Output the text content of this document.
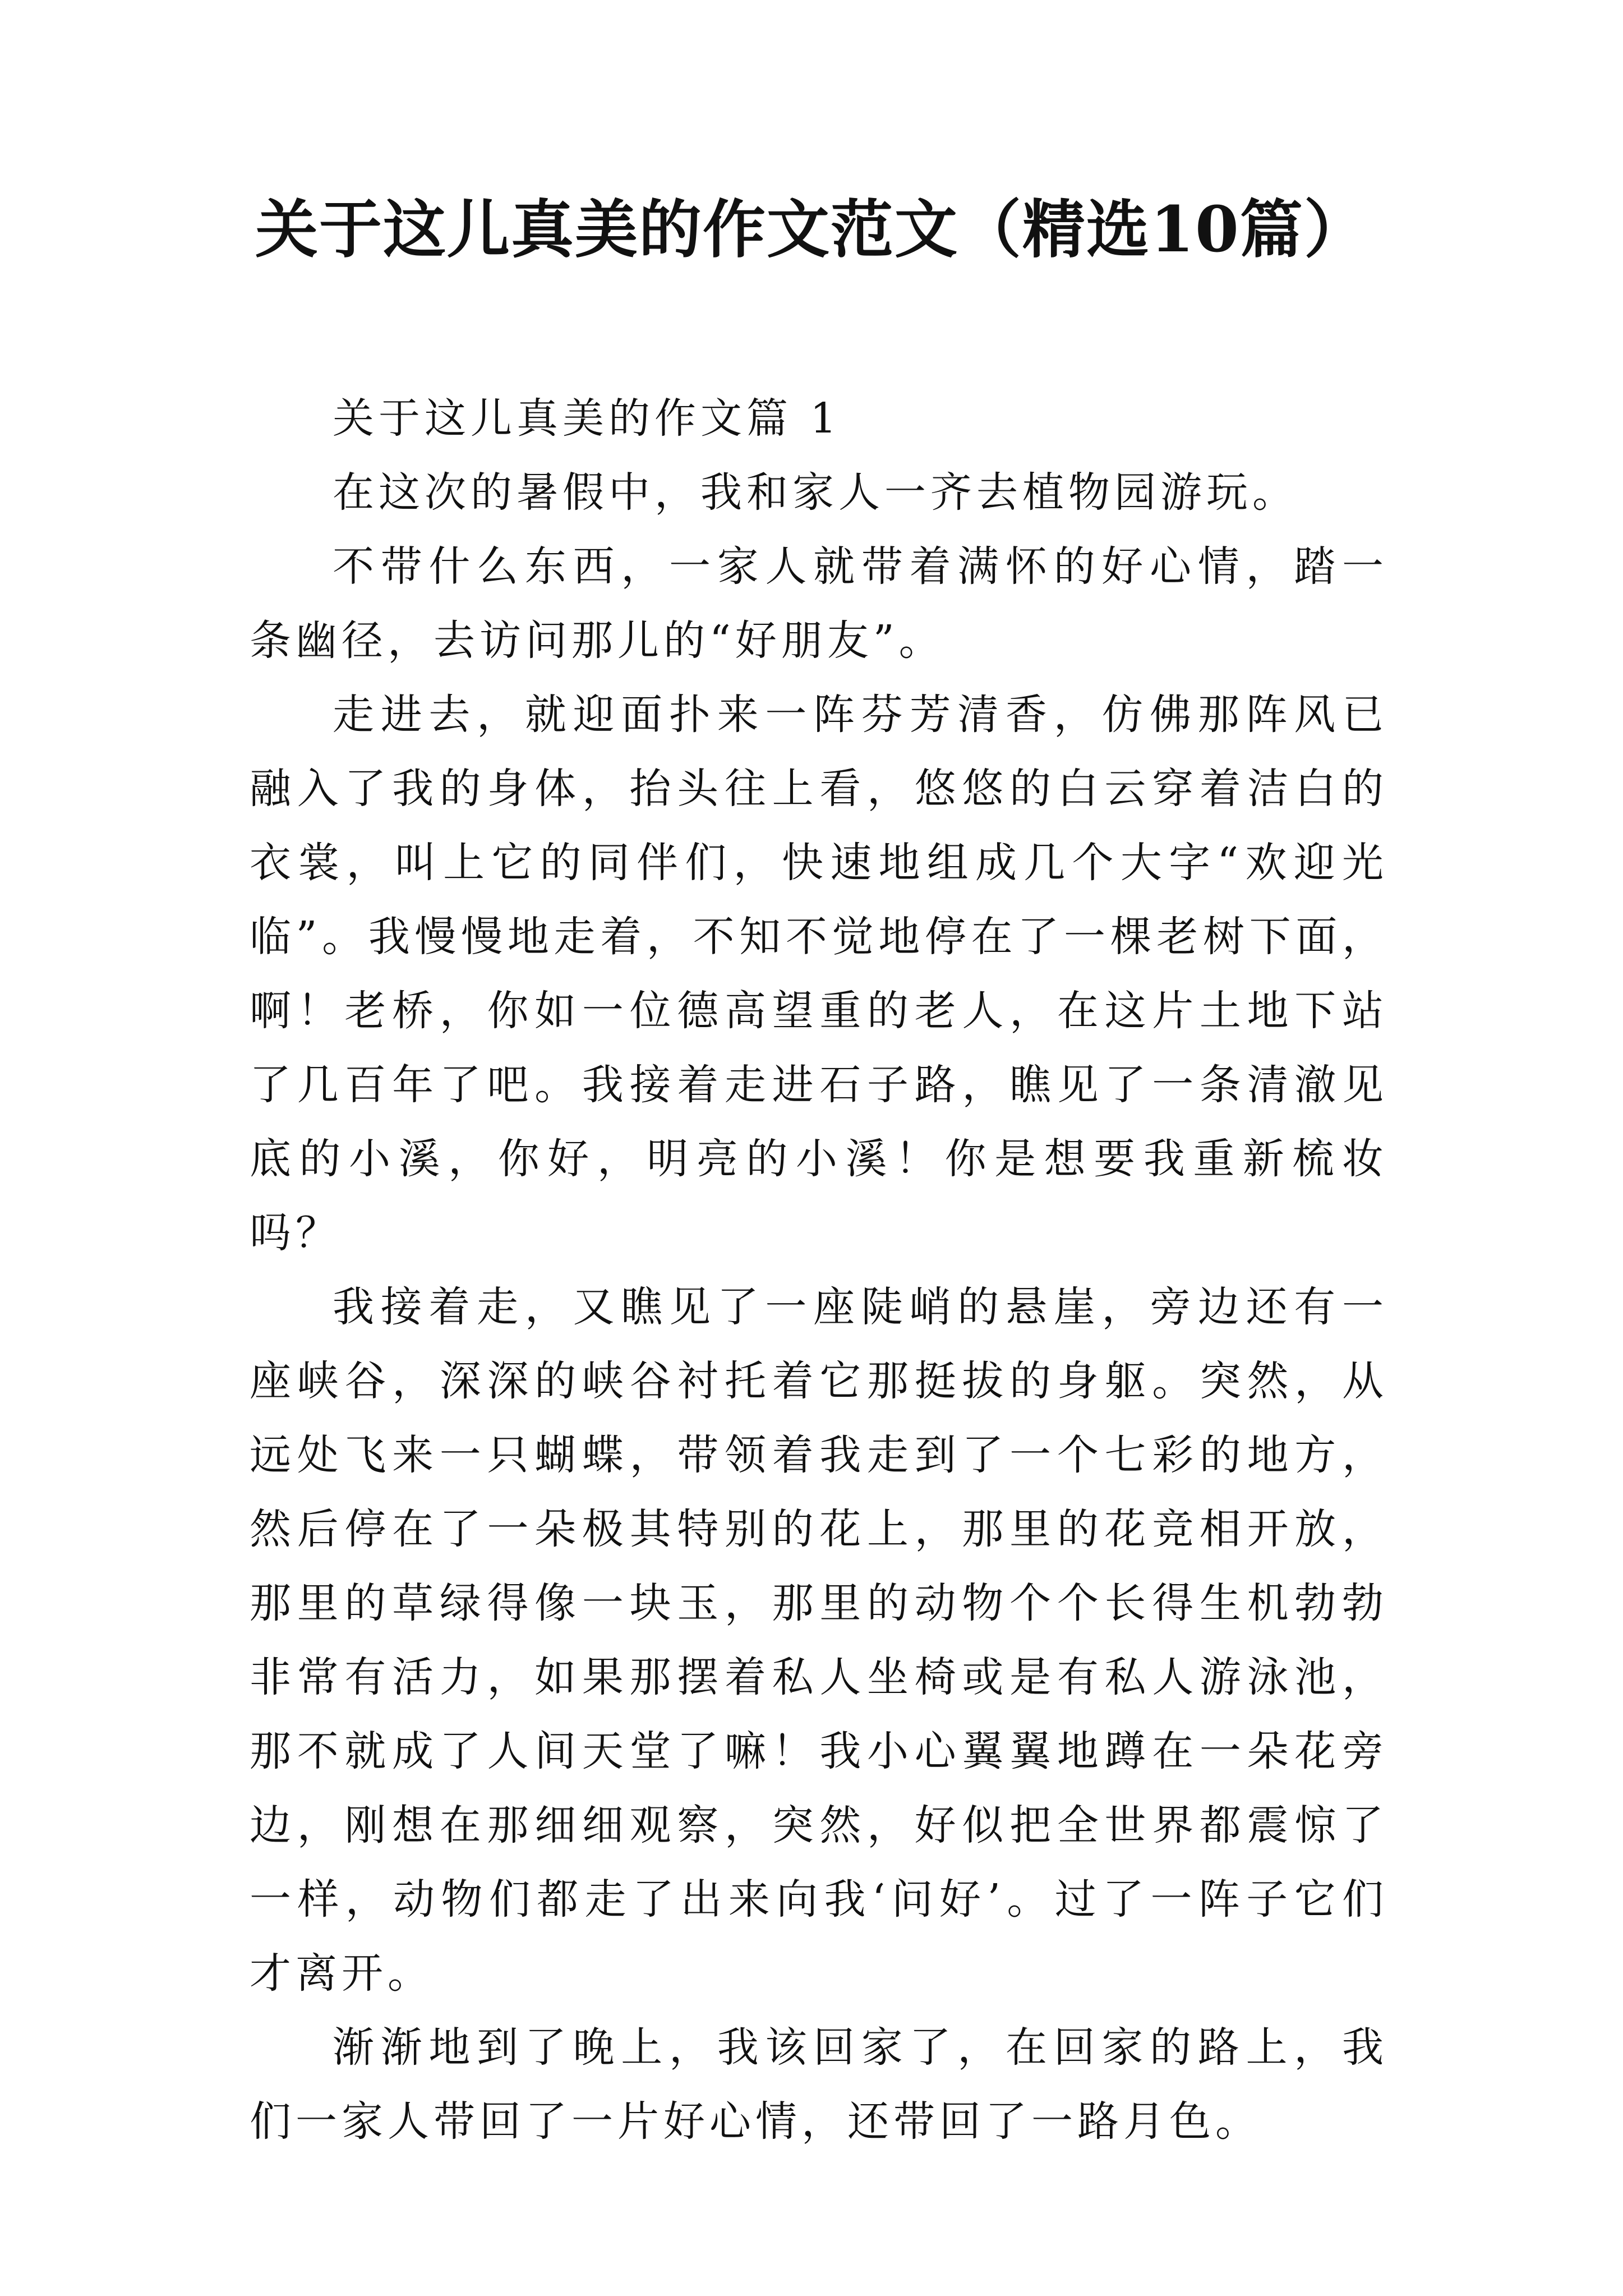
关于这儿真美的作文范文（精选10篇）

关于这儿真美的作文篇 1

在这次的暑假中，我和家人一齐去植物园游玩。

不带什么东西，一家人就带着满怀的好心情，踏一条幽径，去访问那儿的“好朋友”。

走进去，就迎面扑来一阵芬芳清香，仿佛那阵风已融入了我的身体，抬头往上看，悠悠的白云穿着洁白的衣裳，叫上它的同伴们，快速地组成几个大字“欢迎光临”。我慢慢地走着，不知不觉地停在了一棵老树下面，啊！老桥，你如一位德高望重的老人，在这片土地下站了几百年了吧。我接着走进石子路，瞧见了一条清澈见底的小溪，你好，明亮的小溪！你是想要我重新梳妆吗？

我接着走，又瞧见了一座陡峭的悬崖，旁边还有一座峡谷，深深的峡谷衬托着它那挺拔的身躯。突然，从远处飞来一只蝴蝶，带领着我走到了一个七彩的地方，然后停在了一朵极其特别的花上，那里的花竞相开放，那里的草绿得像一块玉，那里的动物个个长得生机勃勃非常有活力，如果那摆着私人坐椅或是有私人游泳池，那不就成了人间天堂了嘛！我小心翼翼地蹲在一朵花旁边，刚想在那细细观察，突然，好似把全世界都震惊了一样，动物们都走了出来向我‘问好’。过了一阵子它们才离开。

渐渐地到了晚上，我该回家了，在回家的路上，我们一家人带回了一片好心情，还带回了一路月色。
